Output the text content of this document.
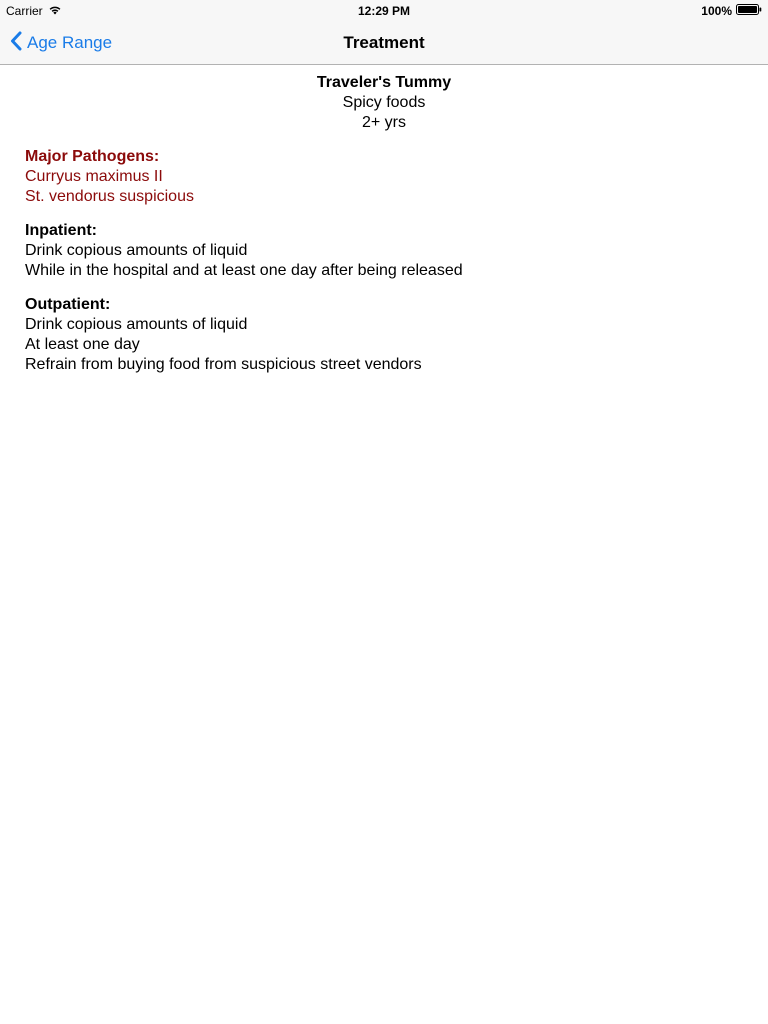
Carrier	12:29 PM	100%
Age Range	Treatment
Traveler's Tummy
Spicy foods
2+ yrs
Major Pathogens:
Curryus maximus II
St. vendorus suspicious
Inpatient:
Drink copious amounts of liquid
While in the hospital and at least one day after being released
Outpatient:
Drink copious amounts of liquid
At least one day
Refrain from buying food from suspicious street vendors
